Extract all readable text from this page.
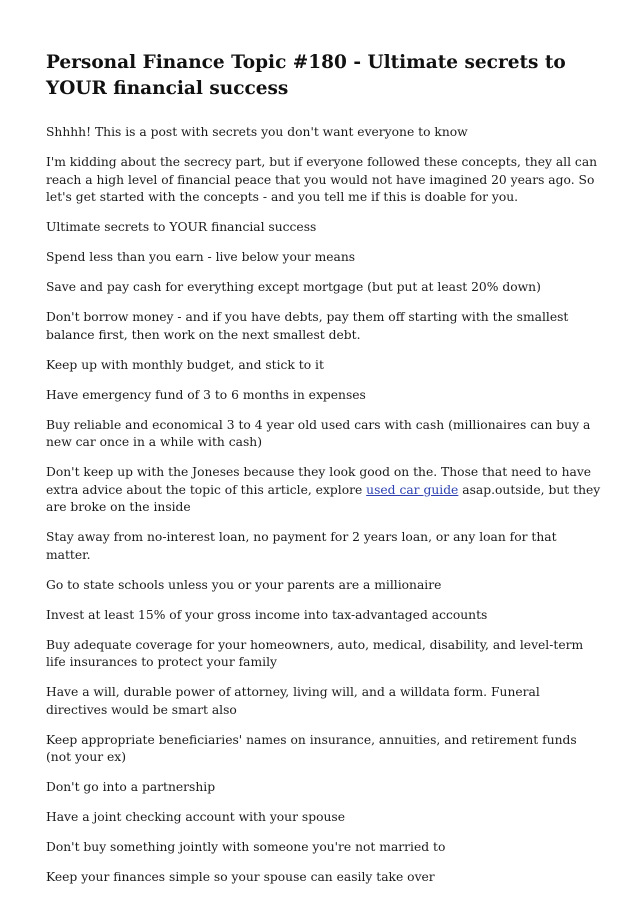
Personal Finance Topic #180 - Ultimate secrets to YOUR financial success

Shhhh! This is a post with secrets you don't want everyone to know

I'm kidding about the secrecy part, but if everyone followed these concepts, they all can reach a high level of financial peace that you would not have imagined 20 years ago. So let's get started with the concepts - and you tell me if this is doable for you.

Ultimate secrets to YOUR financial success

Spend less than you earn - live below your means

Save and pay cash for everything except mortgage (but put at least 20% down)

Don't borrow money - and if you have debts, pay them off starting with the smallest balance first, then work on the next smallest debt.

Keep up with monthly budget, and stick to it

Have emergency fund of 3 to 6 months in expenses

Buy reliable and economical 3 to 4 year old used cars with cash (millionaires can buy a new car once in a while with cash)

Don't keep up with the Joneses because they look good on the. Those that need to have extra advice about the topic of this article, explore used car guide asap.outside, but they are broke on the inside

Stay away from no-interest loan, no payment for 2 years loan, or any loan for that matter.

Go to state schools unless you or your parents are a millionaire

Invest at least 15% of your gross income into tax-advantaged accounts

Buy adequate coverage for your homeowners, auto, medical, disability, and level-term life insurances to protect your family

Have a will, durable power of attorney, living will, and a willdata form. Funeral directives would be smart also

Keep appropriate beneficiaries' names on insurance, annuities, and retirement funds (not your ex)

Don't go into a partnership

Have a joint checking account with your spouse

Don't buy something jointly with someone you're not married to

Keep your finances simple so your spouse can easily take over
